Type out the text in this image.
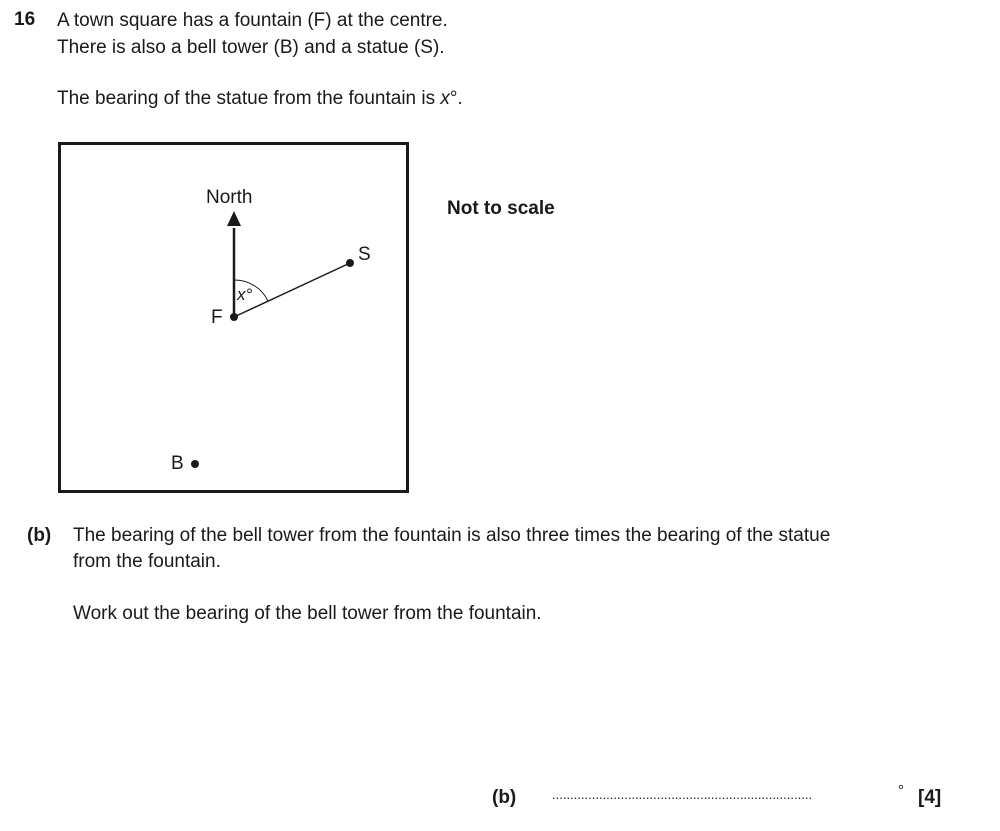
16 A town square has a fountain (F) at the centre.
There is also a bell tower (B) and a statue (S).
The bearing of the statue from the fountain is x°.
North
F
S
B
x°
Not to scale
(b) The bearing of the bell tower from the fountain is also three times the bearing of the statue
from the fountain.
Work out the bearing of the bell tower from the fountain.
(b)	........................................................................	° [4]
